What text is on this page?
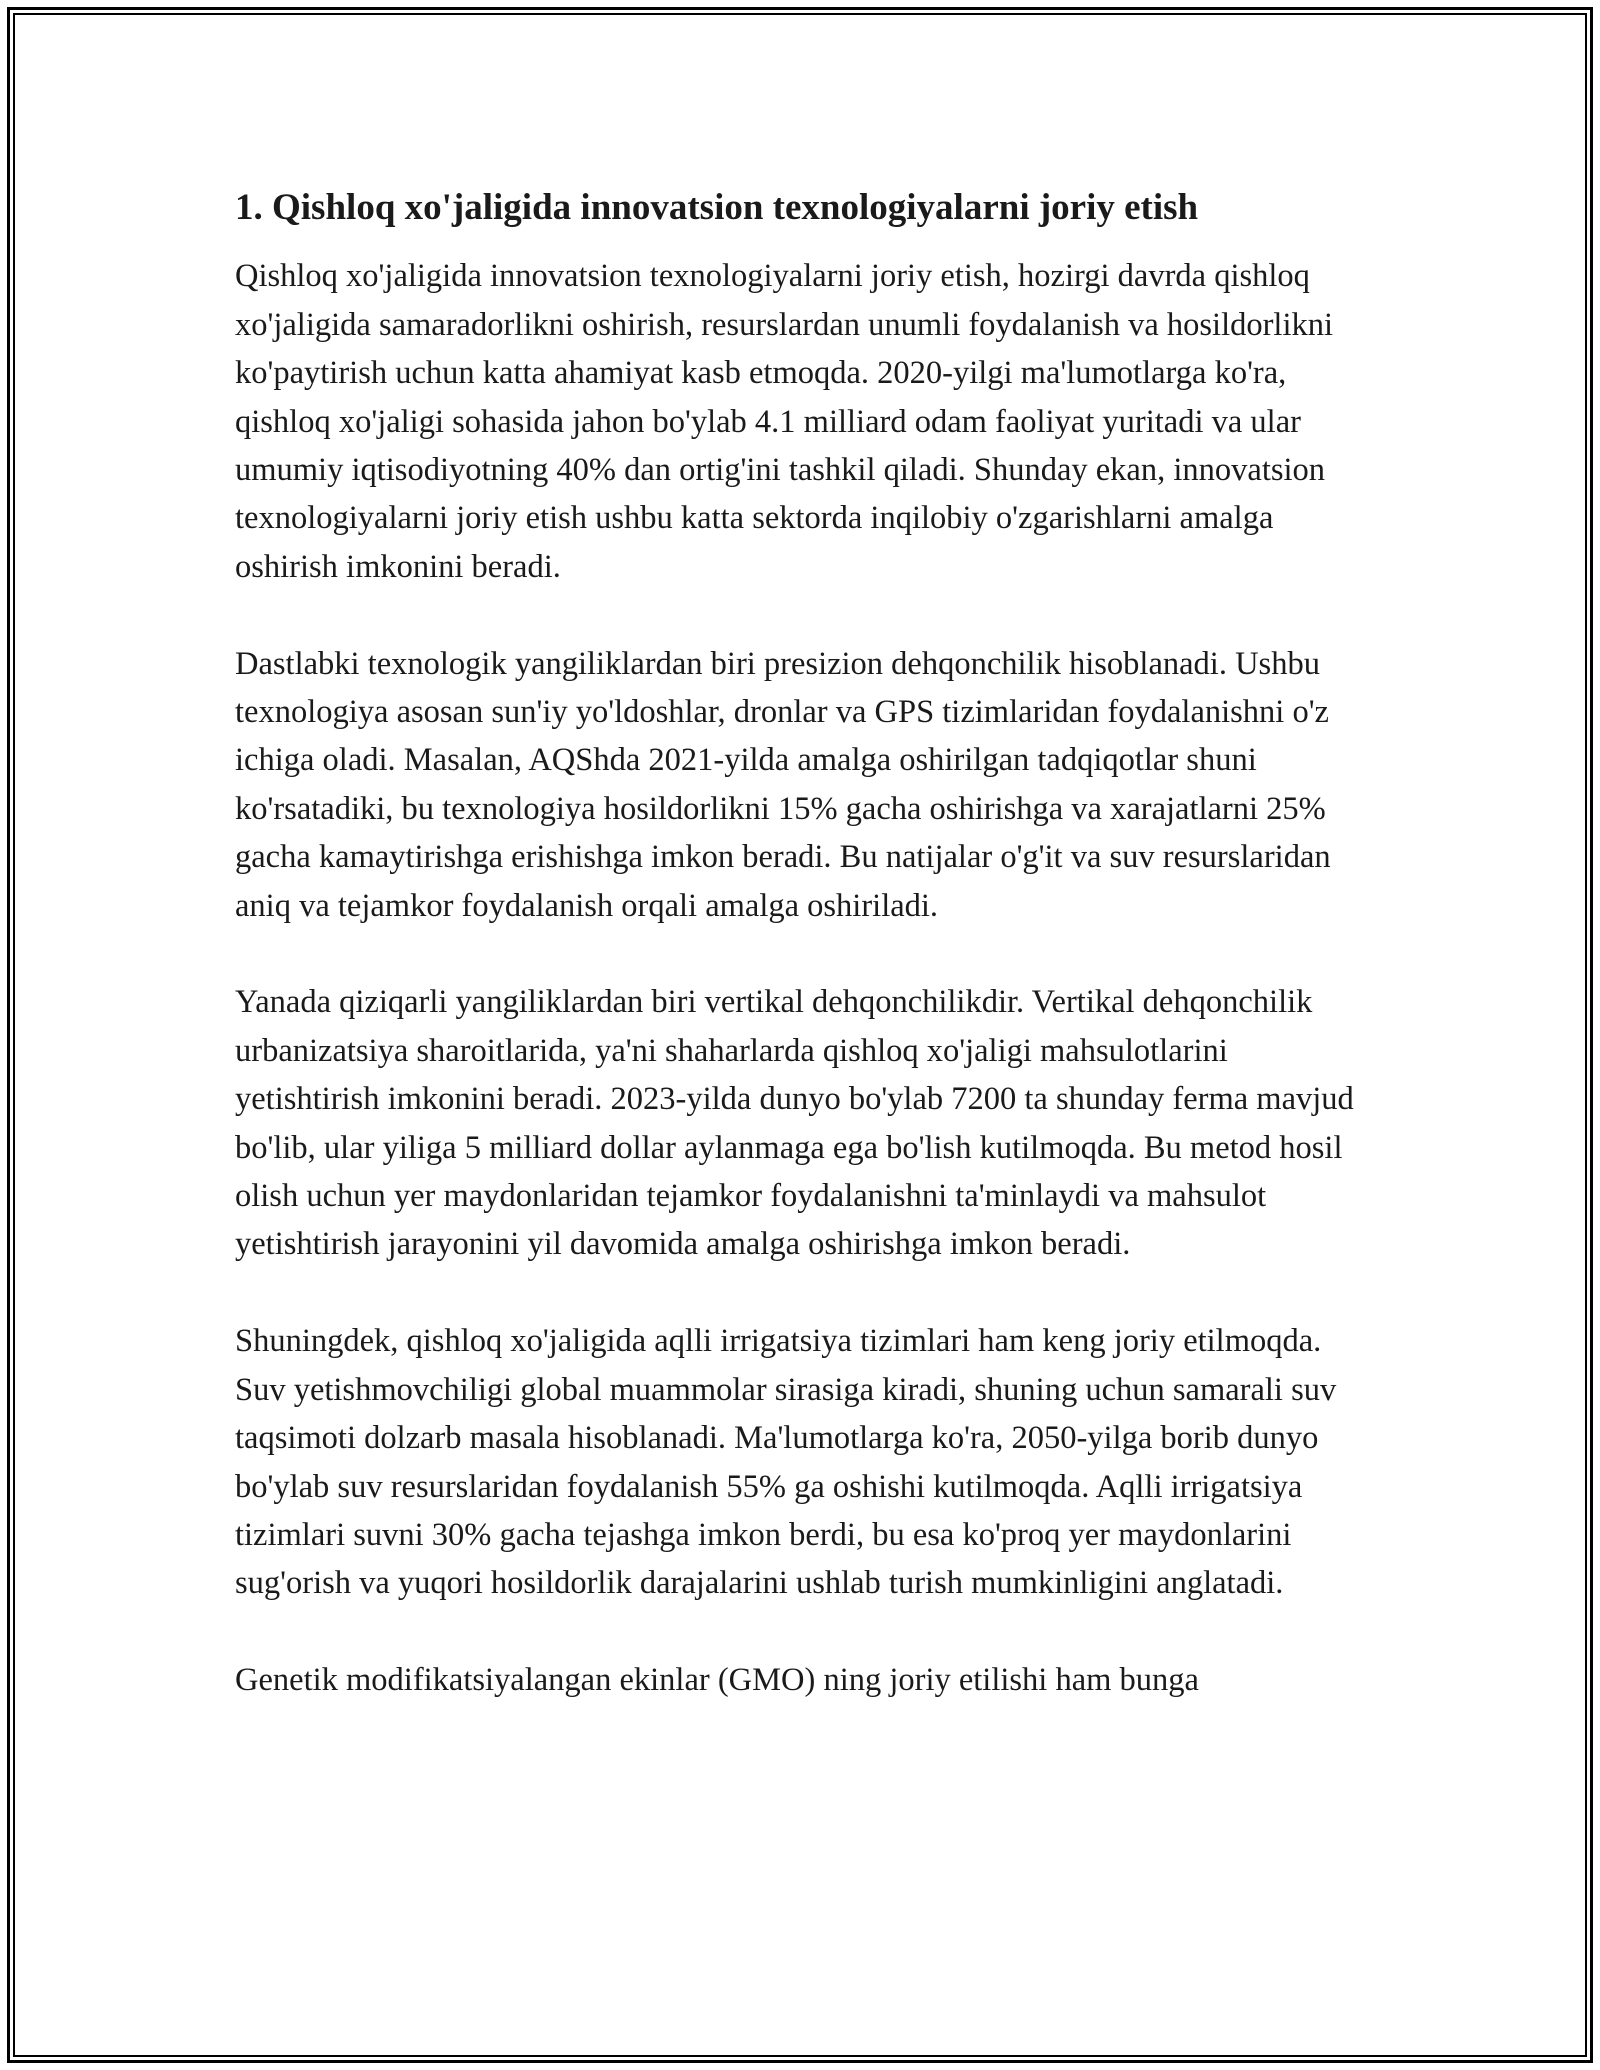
1. Qishloq xo'jaligida innovatsion texnologiyalarni joriy etish

Qishloq xo'jaligida innovatsion texnologiyalarni joriy etish, hozirgi davrda qishloq xo'jaligida samaradorlikni oshirish, resurslardan unumli foydalanish va hosildorlikni ko'paytirish uchun katta ahamiyat kasb etmoqda. 2020-yilgi ma'lumotlarga ko'ra, qishloq xo'jaligi sohasida jahon bo'ylab 4.1 milliard odam faoliyat yuritadi va ular umumiy iqtisodiyotning 40% dan ortig'ini tashkil qiladi. Shunday ekan, innovatsion texnologiyalarni joriy etish ushbu katta sektorda inqilobiy o'zgarishlarni amalga oshirish imkonini beradi.

Dastlabki texnologik yangiliklardan biri presizion dehqonchilik hisoblanadi. Ushbu texnologiya asosan sun'iy yo'ldoshlar, dronlar va GPS tizimlaridan foydalanishni o'z ichiga oladi. Masalan, AQShda 2021-yilda amalga oshirilgan tadqiqotlar shuni ko'rsatadiki, bu texnologiya hosildorlikni 15% gacha oshirishga va xarajatlarni 25% gacha kamaytirishga erishishga imkon beradi. Bu natijalar o'g'it va suv resurslaridan aniq va tejamkor foydalanish orqali amalga oshiriladi.

Yanada qiziqarli yangiliklardan biri vertikal dehqonchilikdir. Vertikal dehqonchilik urbanizatsiya sharoitlarida, ya'ni shaharlarda qishloq xo'jaligi mahsulotlarini yetishtirish imkonini beradi. 2023-yilda dunyo bo'ylab 7200 ta shunday ferma mavjud bo'lib, ular yiliga 5 milliard dollar aylanmaga ega bo'lish kutilmoqda. Bu metod hosil olish uchun yer maydonlaridan tejamkor foydalanishni ta'minlaydi va mahsulot yetishtirish jarayonini yil davomida amalga oshirishga imkon beradi.

Shuningdek, qishloq xo'jaligida aqlli irrigatsiya tizimlari ham keng joriy etilmoqda. Suv yetishmovchiligi global muammolar sirasiga kiradi, shuning uchun samarali suv taqsimoti dolzarb masala hisoblanadi. Ma'lumotlarga ko'ra, 2050-yilga borib dunyo bo'ylab suv resurslaridan foydalanish 55% ga oshishi kutilmoqda. Aqlli irrigatsiya tizimlari suvni 30% gacha tejashga imkon berdi, bu esa ko'proq yer maydonlarini sug'orish va yuqori hosildorlik darajalarini ushlab turish mumkinligini anglatadi.

Genetik modifikatsiyalangan ekinlar (GMO) ning joriy etilishi ham bunga
